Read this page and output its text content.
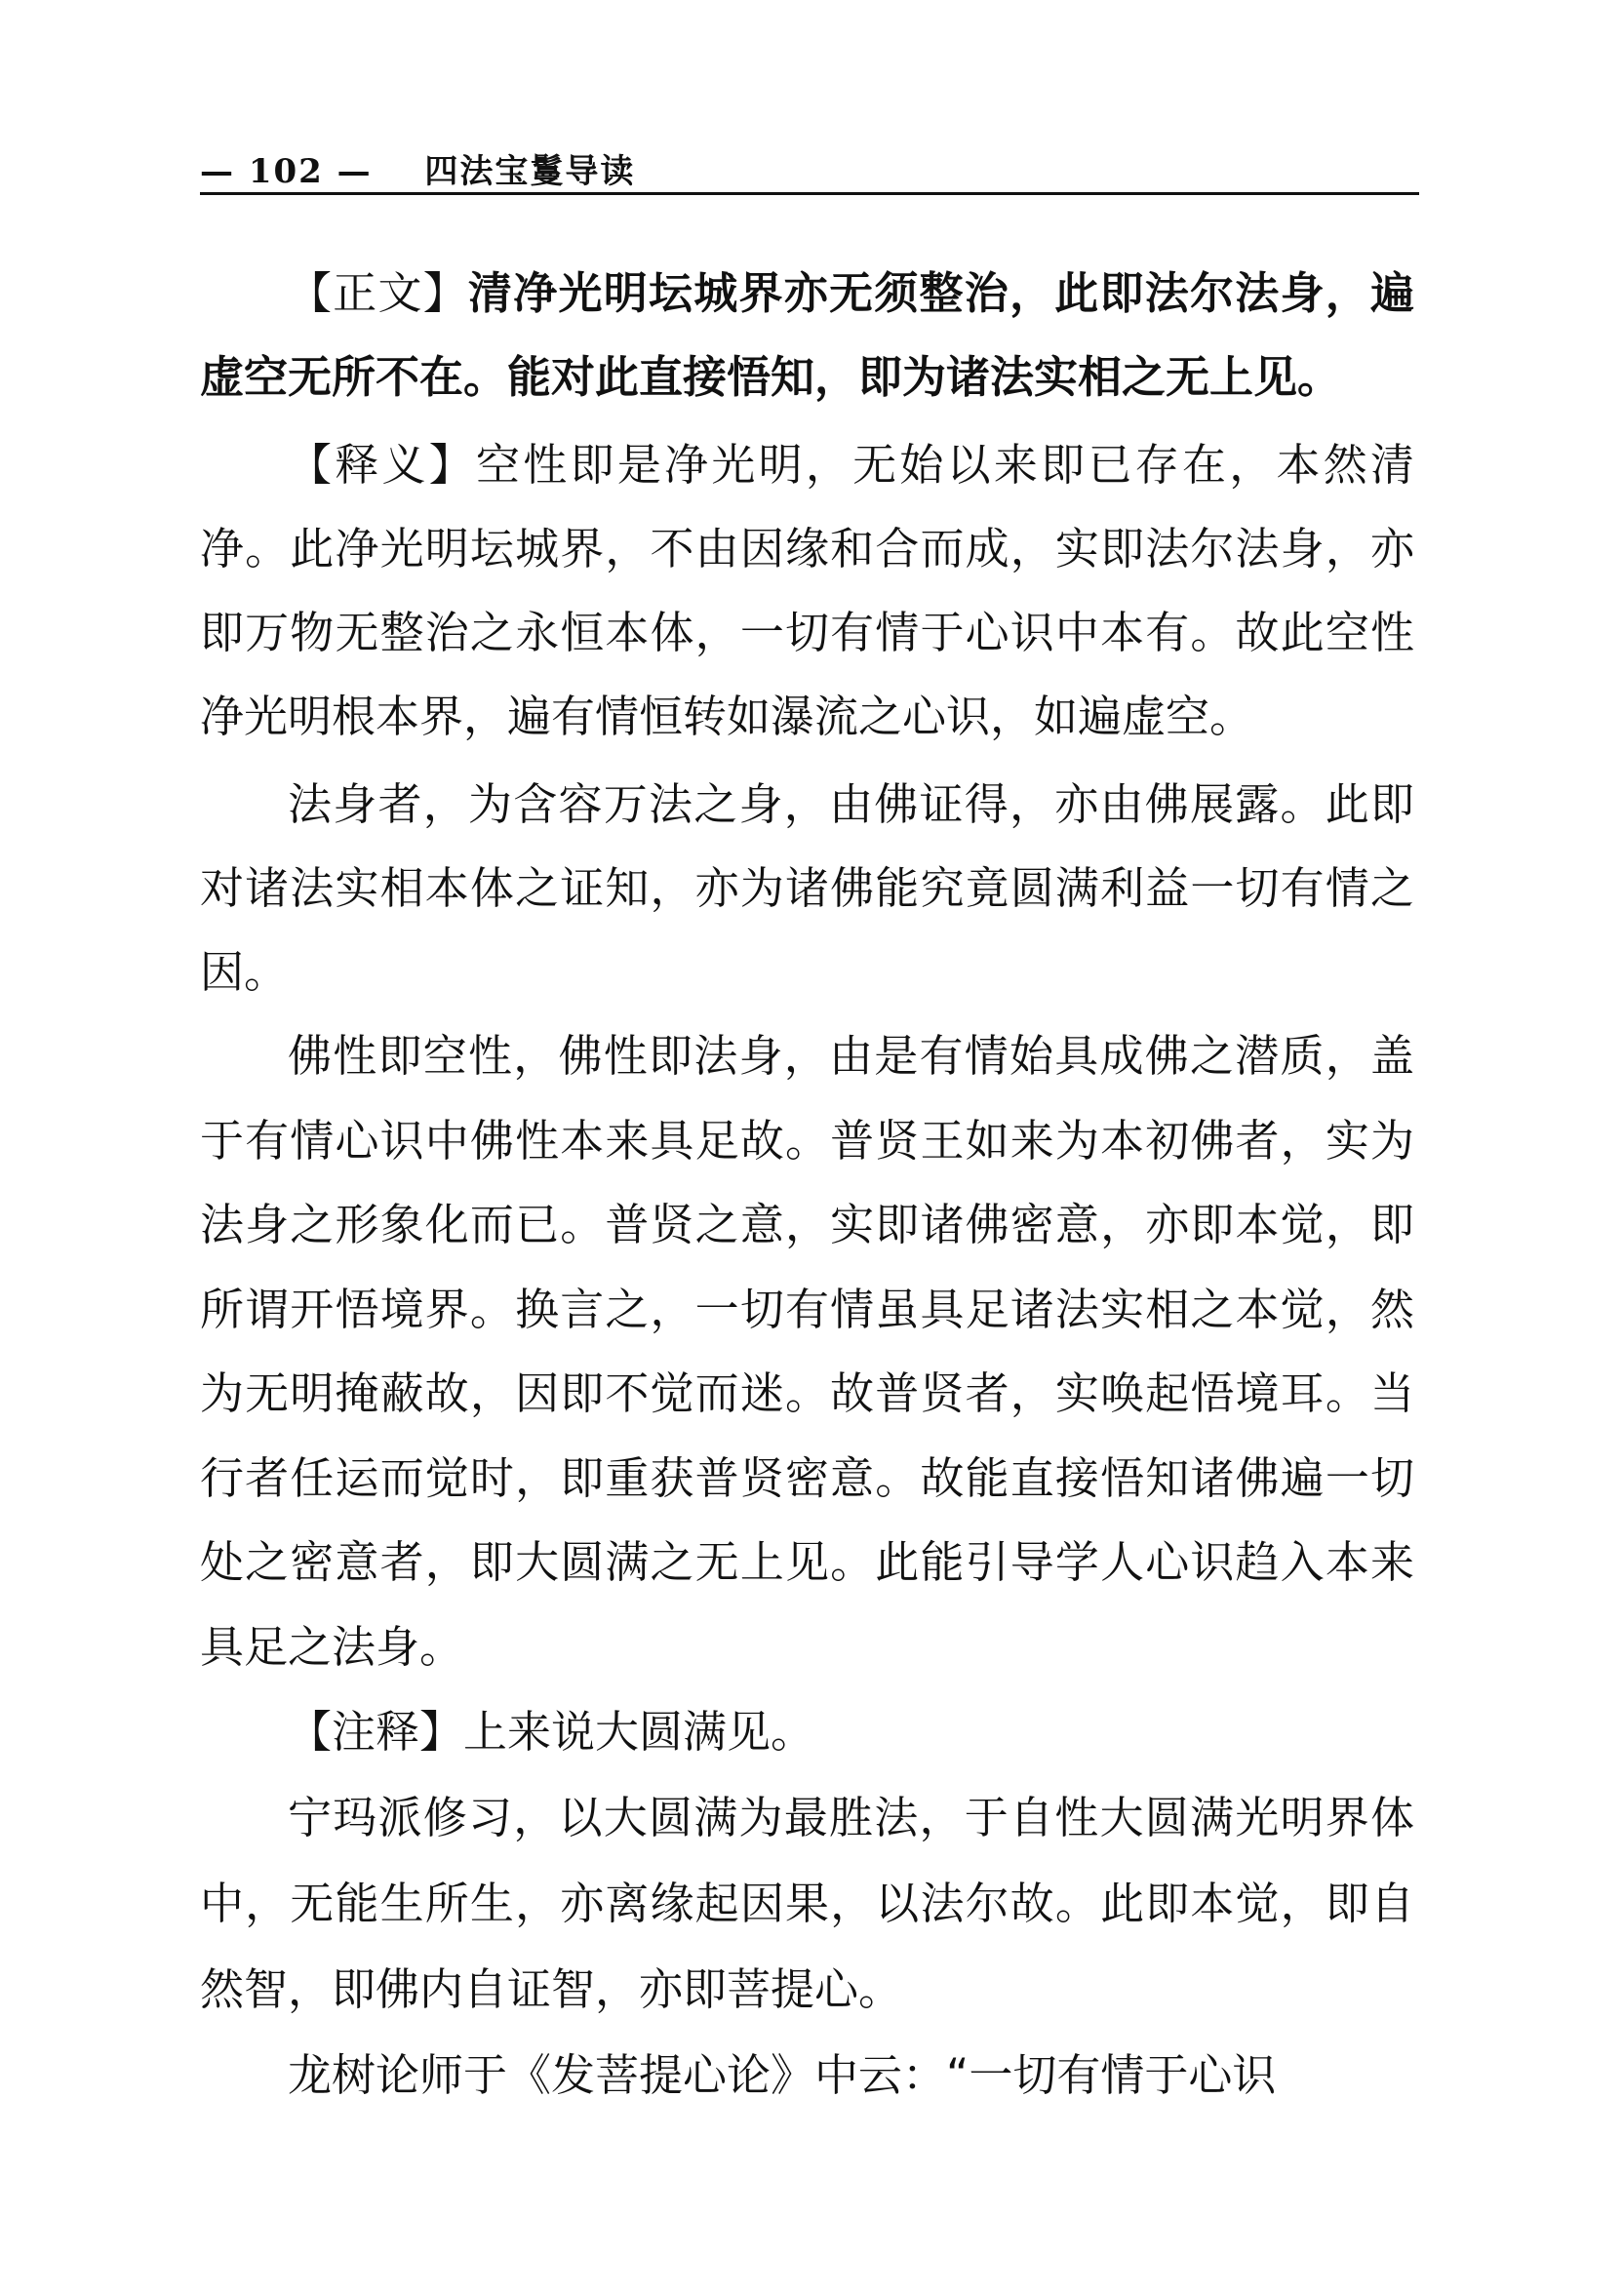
— 102 — 四法宝鬘导读

【正文】清净光明坛城界亦无须整治，此即法尔法身，遍虚空无所不在。能对此直接悟知，即为诸法实相之无上见。

【释义】空性即是净光明，无始以来即已存在，本然清净。此净光明坛城界，不由因缘和合而成，实即法尔法身，亦即万物无整治之永恒本体，一切有情于心识中本有。故此空性净光明根本界，遍有情恒转如瀑流之心识，如遍虚空。

法身者，为含容万法之身，由佛证得，亦由佛展露。此即对诸法实相本体之证知，亦为诸佛能究竟圆满利益一切有情之因。

佛性即空性，佛性即法身，由是有情始具成佛之潜质，盖于有情心识中佛性本来具足故。普贤王如来为本初佛者，实为法身之形象化而已。普贤之意，实即诸佛密意，亦即本觉，即所谓开悟境界。换言之，一切有情虽具足诸法实相之本觉，然为无明掩蔽故，因即不觉而迷。故普贤者，实唤起悟境耳。当行者任运而觉时，即重获普贤密意。故能直接悟知诸佛遍一切处之密意者，即大圆满之无上见。此能引导学人心识趋入本来具足之法身。

【注释】上来说大圆满见。

宁玛派修习，以大圆满为最胜法，于自性大圆满光明界体中，无能生所生，亦离缘起因果，以法尔故。此即本觉，即自然智，即佛内自证智，亦即菩提心。

龙树论师于《发菩提心论》中云：“一切有情于心识
